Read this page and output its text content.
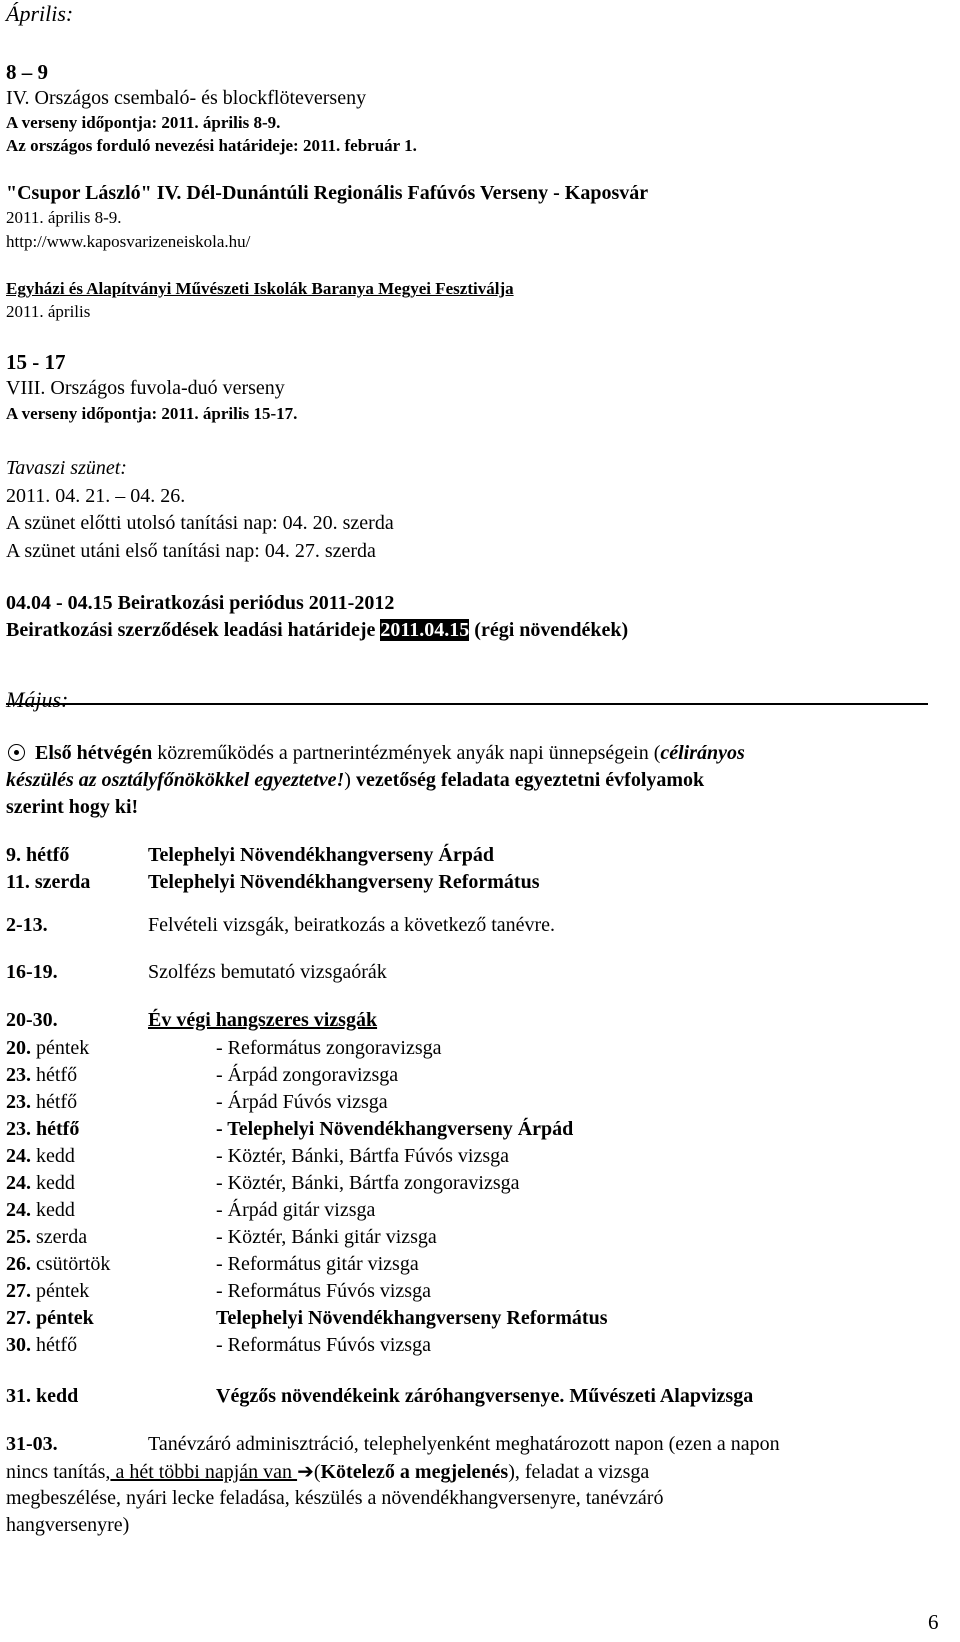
Április:
8 – 9
IV. Országos csembaló- és blockflöteverseny
A verseny időpontja: 2011. április 8-9.
Az országos forduló nevezési határideje: 2011. február 1.
"Csupor László" IV. Dél-Dunántúli Regionális Fafúvós Verseny - Kaposvár
2011. április 8-9.
http://www.kaposvarizeneiskola.hu/
Egyházi és Alapítványi Művészeti Iskolák Baranya Megyei Fesztiválja
2011. április
15 - 17
VIII. Országos fuvola-duó verseny
A verseny időpontja: 2011. április 15-17.
Tavaszi szünet:
2011. 04. 21. – 04. 26.
A szünet előtti utolsó tanítási nap: 04. 20. szerda
A szünet utáni első tanítási nap: 04. 27. szerda
04.04 - 04.15 Beiratkozási periódus 2011-2012
Beiratkozási szerződések leadási határideje 2011.04.15 (régi növendékek)
Május:
Első hétvégén közreműködés a partnerintézmények anyák napi ünnepségein (célirányos
készülés az osztályfőnökökkel egyeztetve!) vezetőség feladata egyeztetni évfolyamok
szerint hogy ki!
9. hétfő	Telephelyi Növendékhangverseny Árpád
11. szerda	Telephelyi Növendékhangverseny Református
2-13.	Felvételi vizsgák, beiratkozás a következő tanévre.
16-19.	Szolfézs bemutató vizsgaórák
20-30.	Év végi hangszeres vizsgák
20. péntek	- Református zongoravizsga
23. hétfő	- Árpád zongoravizsga
23. hétfő	- Árpád Fúvós vizsga
23. hétfő	- Telephelyi Növendékhangverseny Árpád
24. kedd	- Köztér, Bánki, Bártfa Fúvós vizsga
24. kedd	- Köztér, Bánki, Bártfa zongoravizsga
24. kedd	- Árpád gitár vizsga
25. szerda	- Köztér, Bánki gitár vizsga
26. csütörtök	- Református gitár vizsga
27. péntek	- Református Fúvós vizsga
27. péntek	Telephelyi Növendékhangverseny Református
30. hétfő	- Református Fúvós vizsga
31. kedd	Végzős növendékeink záróhangversenye. Művészeti Alapvizsga
31-03.	Tanévzáró adminisztráció, telephelyenként meghatározott napon (ezen a napon
nincs tanítás, a hét többi napján van ➔(Kötelező a megjelenés), feladat a vizsga
megbeszélése, nyári lecke feladása, készülés a növendékhangversenyre, tanévzáró
hangversenyre)
6
